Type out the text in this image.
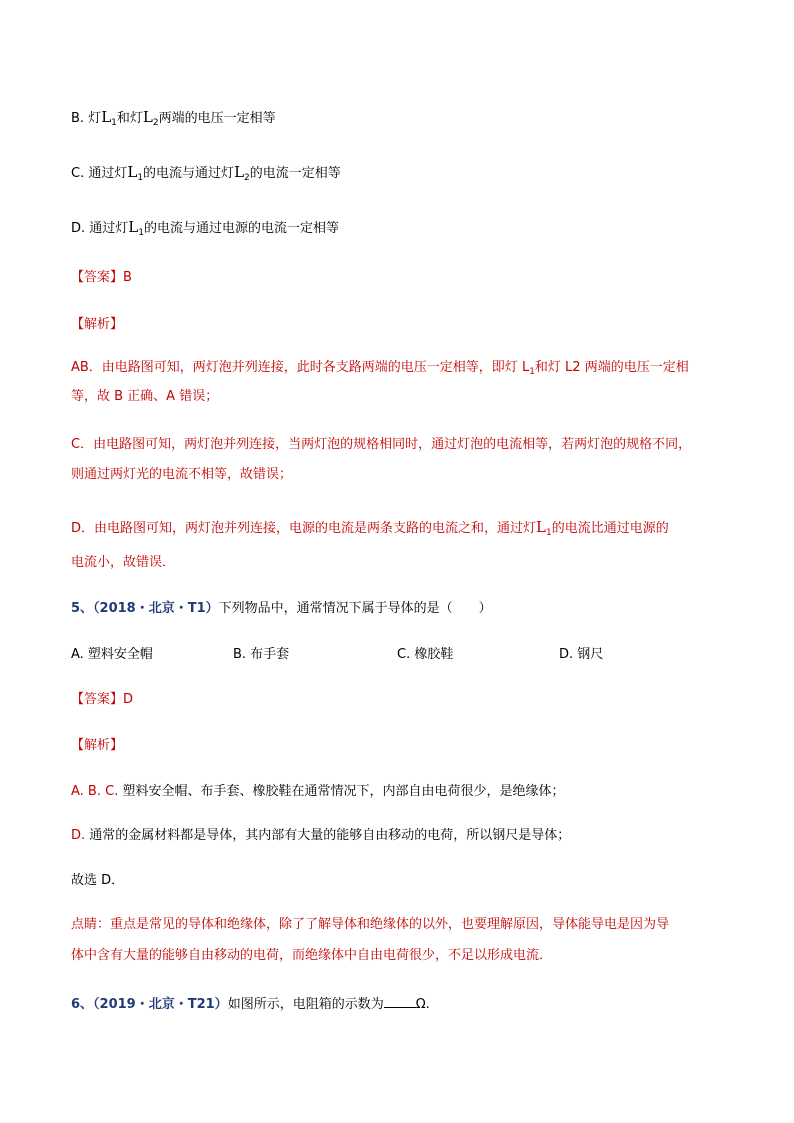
B. 灯$L_1$和灯$L_2$两端的电压一定相等
C. 通过灯$L_1$的电流与通过灯$L_2$的电流一定相等
D. 通过灯$L_1$的电流与通过电源的电流一定相等
【答案】B
【解析】
AB．由电路图可知，两灯泡并列连接，此时各支路两端的电压一定相等，即灯 $L_1$和灯 L2 两端的电压一定相
等，故 B 正确、A 错误；
C．由电路图可知，两灯泡并列连接，当两灯泡的规格相同时，通过灯泡的电流相等，若两灯泡的规格不同，
则通过两灯光的电流不相等，故错误；
D．由电路图可知，两灯泡并列连接，电源的电流是两条支路的电流之和，通过灯$L_1$的电流比通过电源的
电流小，故错误．
5、（2018・北京・T1）下列物品中，通常情况下属于导体的是（　　）
A. 塑料安全帽	B. 布手套	C. 橡胶鞋	D. 钢尺
【答案】D
【解析】
A. B. C. 塑料安全帽、布手套、橡胶鞋在通常情况下，内部自由电荷很少，是绝缘体；
D. 通常的金属材料都是导体，其内部有大量的能够自由移动的电荷，所以钢尺是导体；
故选 D．
点睛：重点是常见的导体和绝缘体，除了了解导体和绝缘体的以外，也要理解原因，导体能导电是因为导
体中含有大量的能够自由移动的电荷，而绝缘体中自由电荷很少，不足以形成电流．
6、（2019・北京・T21）如图所示，电阻箱的示数为 Ω.
